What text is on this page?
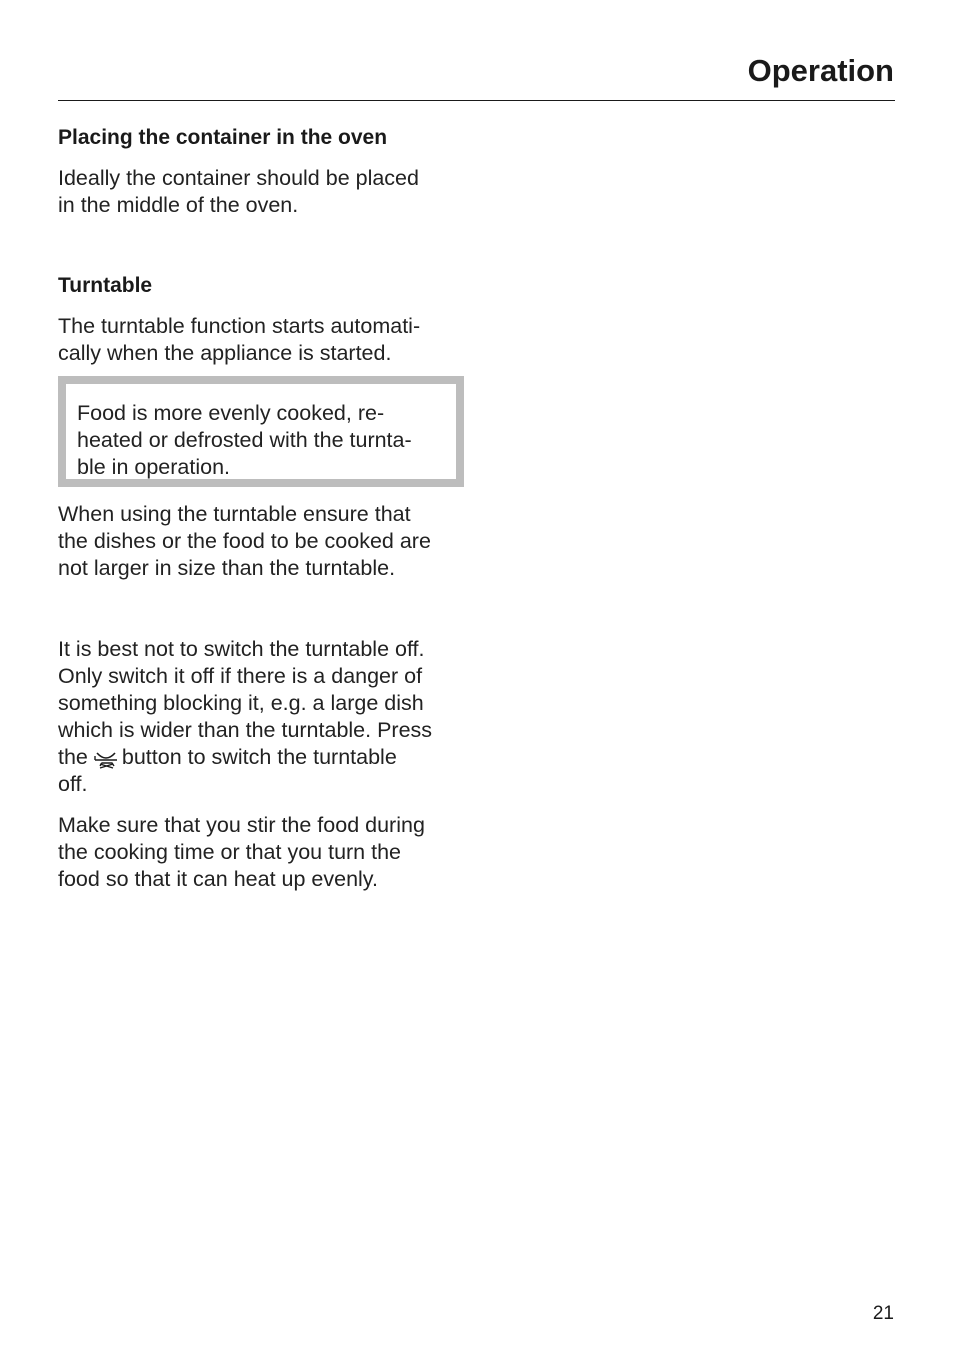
Operation
Placing the container in the oven
Ideally the container should be placed
in the middle of the oven.
Turntable
The turntable function starts automati-
cally when the appliance is started.
Food is more evenly cooked, re-
heated or defrosted with the turnta-
ble in operation.
When using the turntable ensure that
the dishes or the food to be cooked are
not larger in size than the turntable.
It is best not to switch the turntable off.
Only switch it off if there is a danger of
something blocking it, e.g. a large dish
which is wider than the turntable. Press
the button to switch the turntable
off.
Make sure that you stir the food during
the cooking time or that you turn the
food so that it can heat up evenly.
21
